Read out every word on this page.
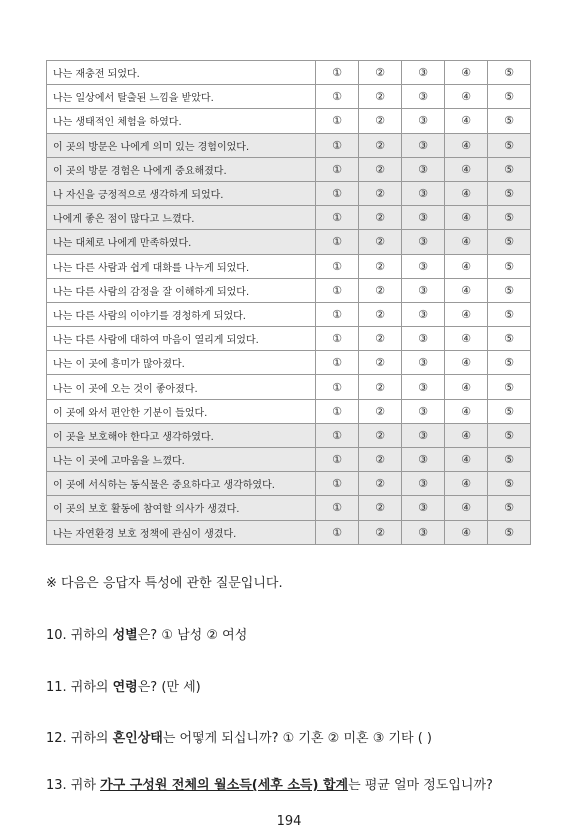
나는 재충전 되었다.	①	②	③	④	⑤
나는 일상에서 탈출된 느낌을 받았다.	①	②	③	④	⑤
나는 생태적인 체험을 하였다.	①	②	③	④	⑤
이 곳의 방문은 나에게 의미 있는 경험이었다.	①	②	③	④	⑤
이 곳의 방문 경험은 나에게 중요해졌다.	①	②	③	④	⑤
나 자신을 긍정적으로 생각하게 되었다.	①	②	③	④	⑤
나에게 좋은 점이 많다고 느꼈다.	①	②	③	④	⑤
나는 대체로 나에게 만족하였다.	①	②	③	④	⑤
나는 다른 사람과 쉽게 대화를 나누게 되었다.	①	②	③	④	⑤
나는 다른 사람의 감정을 잘 이해하게 되었다.	①	②	③	④	⑤
나는 다른 사람의 이야기를 경청하게 되었다.	①	②	③	④	⑤
나는 다른 사람에 대하여 마음이 열리게 되었다.	①	②	③	④	⑤
나는 이 곳에 흥미가 많아졌다.	①	②	③	④	⑤
나는 이 곳에 오는 것이 좋아졌다.	①	②	③	④	⑤
이 곳에 와서 편안한 기분이 들었다.	①	②	③	④	⑤
이 곳을 보호해야 한다고 생각하였다.	①	②	③	④	⑤
나는 이 곳에 고마움을 느꼈다.	①	②	③	④	⑤
이 곳에 서식하는 동식물은 중요하다고 생각하였다.	①	②	③	④	⑤
이 곳의 보호 활동에 참여할 의사가 생겼다.	①	②	③	④	⑤
나는 자연환경 보호 정책에 관심이 생겼다.	①	②	③	④	⑤
※ 다음은 응답자 특성에 관한 질문입니다.
10. 귀하의 성별은? ① 남성 ② 여성
11. 귀하의 연령은? (만 세)
12. 귀하의 혼인상태는 어떻게 되십니까? ① 기혼 ② 미혼 ③ 기타 ( )
13. 귀하 가구 구성원 전체의 월소득(세후 소득) 합계는 평균 얼마 정도입니까?
194
